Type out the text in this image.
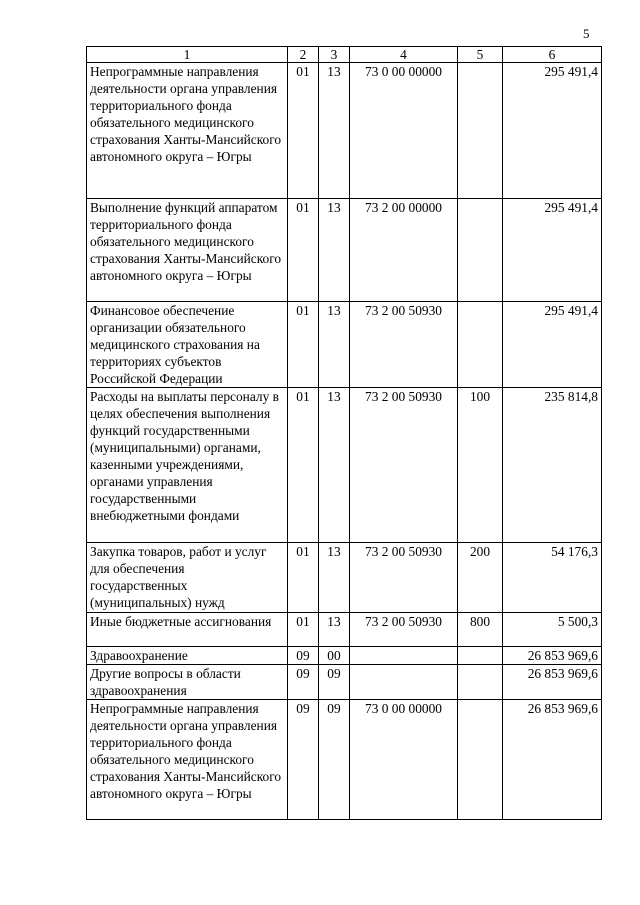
5
1	2	3	4	5	6
Непрограммные направления деятельности органа управления территориального фонда обязательного медицинского страхования Ханты-Мансийского автономного округа – Югры	01	13	73 0 00 00000		295 491,4
Выполнение функций аппаратом территориального фонда обязательного медицинского страхования Ханты-Мансийского автономного округа – Югры	01	13	73 2 00 00000		295 491,4
Финансовое обеспечение организации обязательного медицинского страхования на территориях субъектов Российской Федерации	01	13	73 2 00 50930		295 491,4
Расходы на выплаты персоналу в целях обеспечения выполнения функций государственными (муниципальными) органами, казенными учреждениями, органами управления государственными внебюджетными фондами	01	13	73 2 00 50930	100	235 814,8
Закупка товаров, работ и услуг для обеспечения государственных (муниципальных) нужд	01	13	73 2 00 50930	200	54 176,3
Иные бюджетные ассигнования	01	13	73 2 00 50930	800	5 500,3
Здравоохранение	09	00			26 853 969,6
Другие вопросы в области здравоохранения	09	09			26 853 969,6
Непрограммные направления деятельности органа управления территориального фонда обязательного медицинского страхования Ханты-Мансийского автономного округа – Югры	09	09	73 0 00 00000		26 853 969,6
